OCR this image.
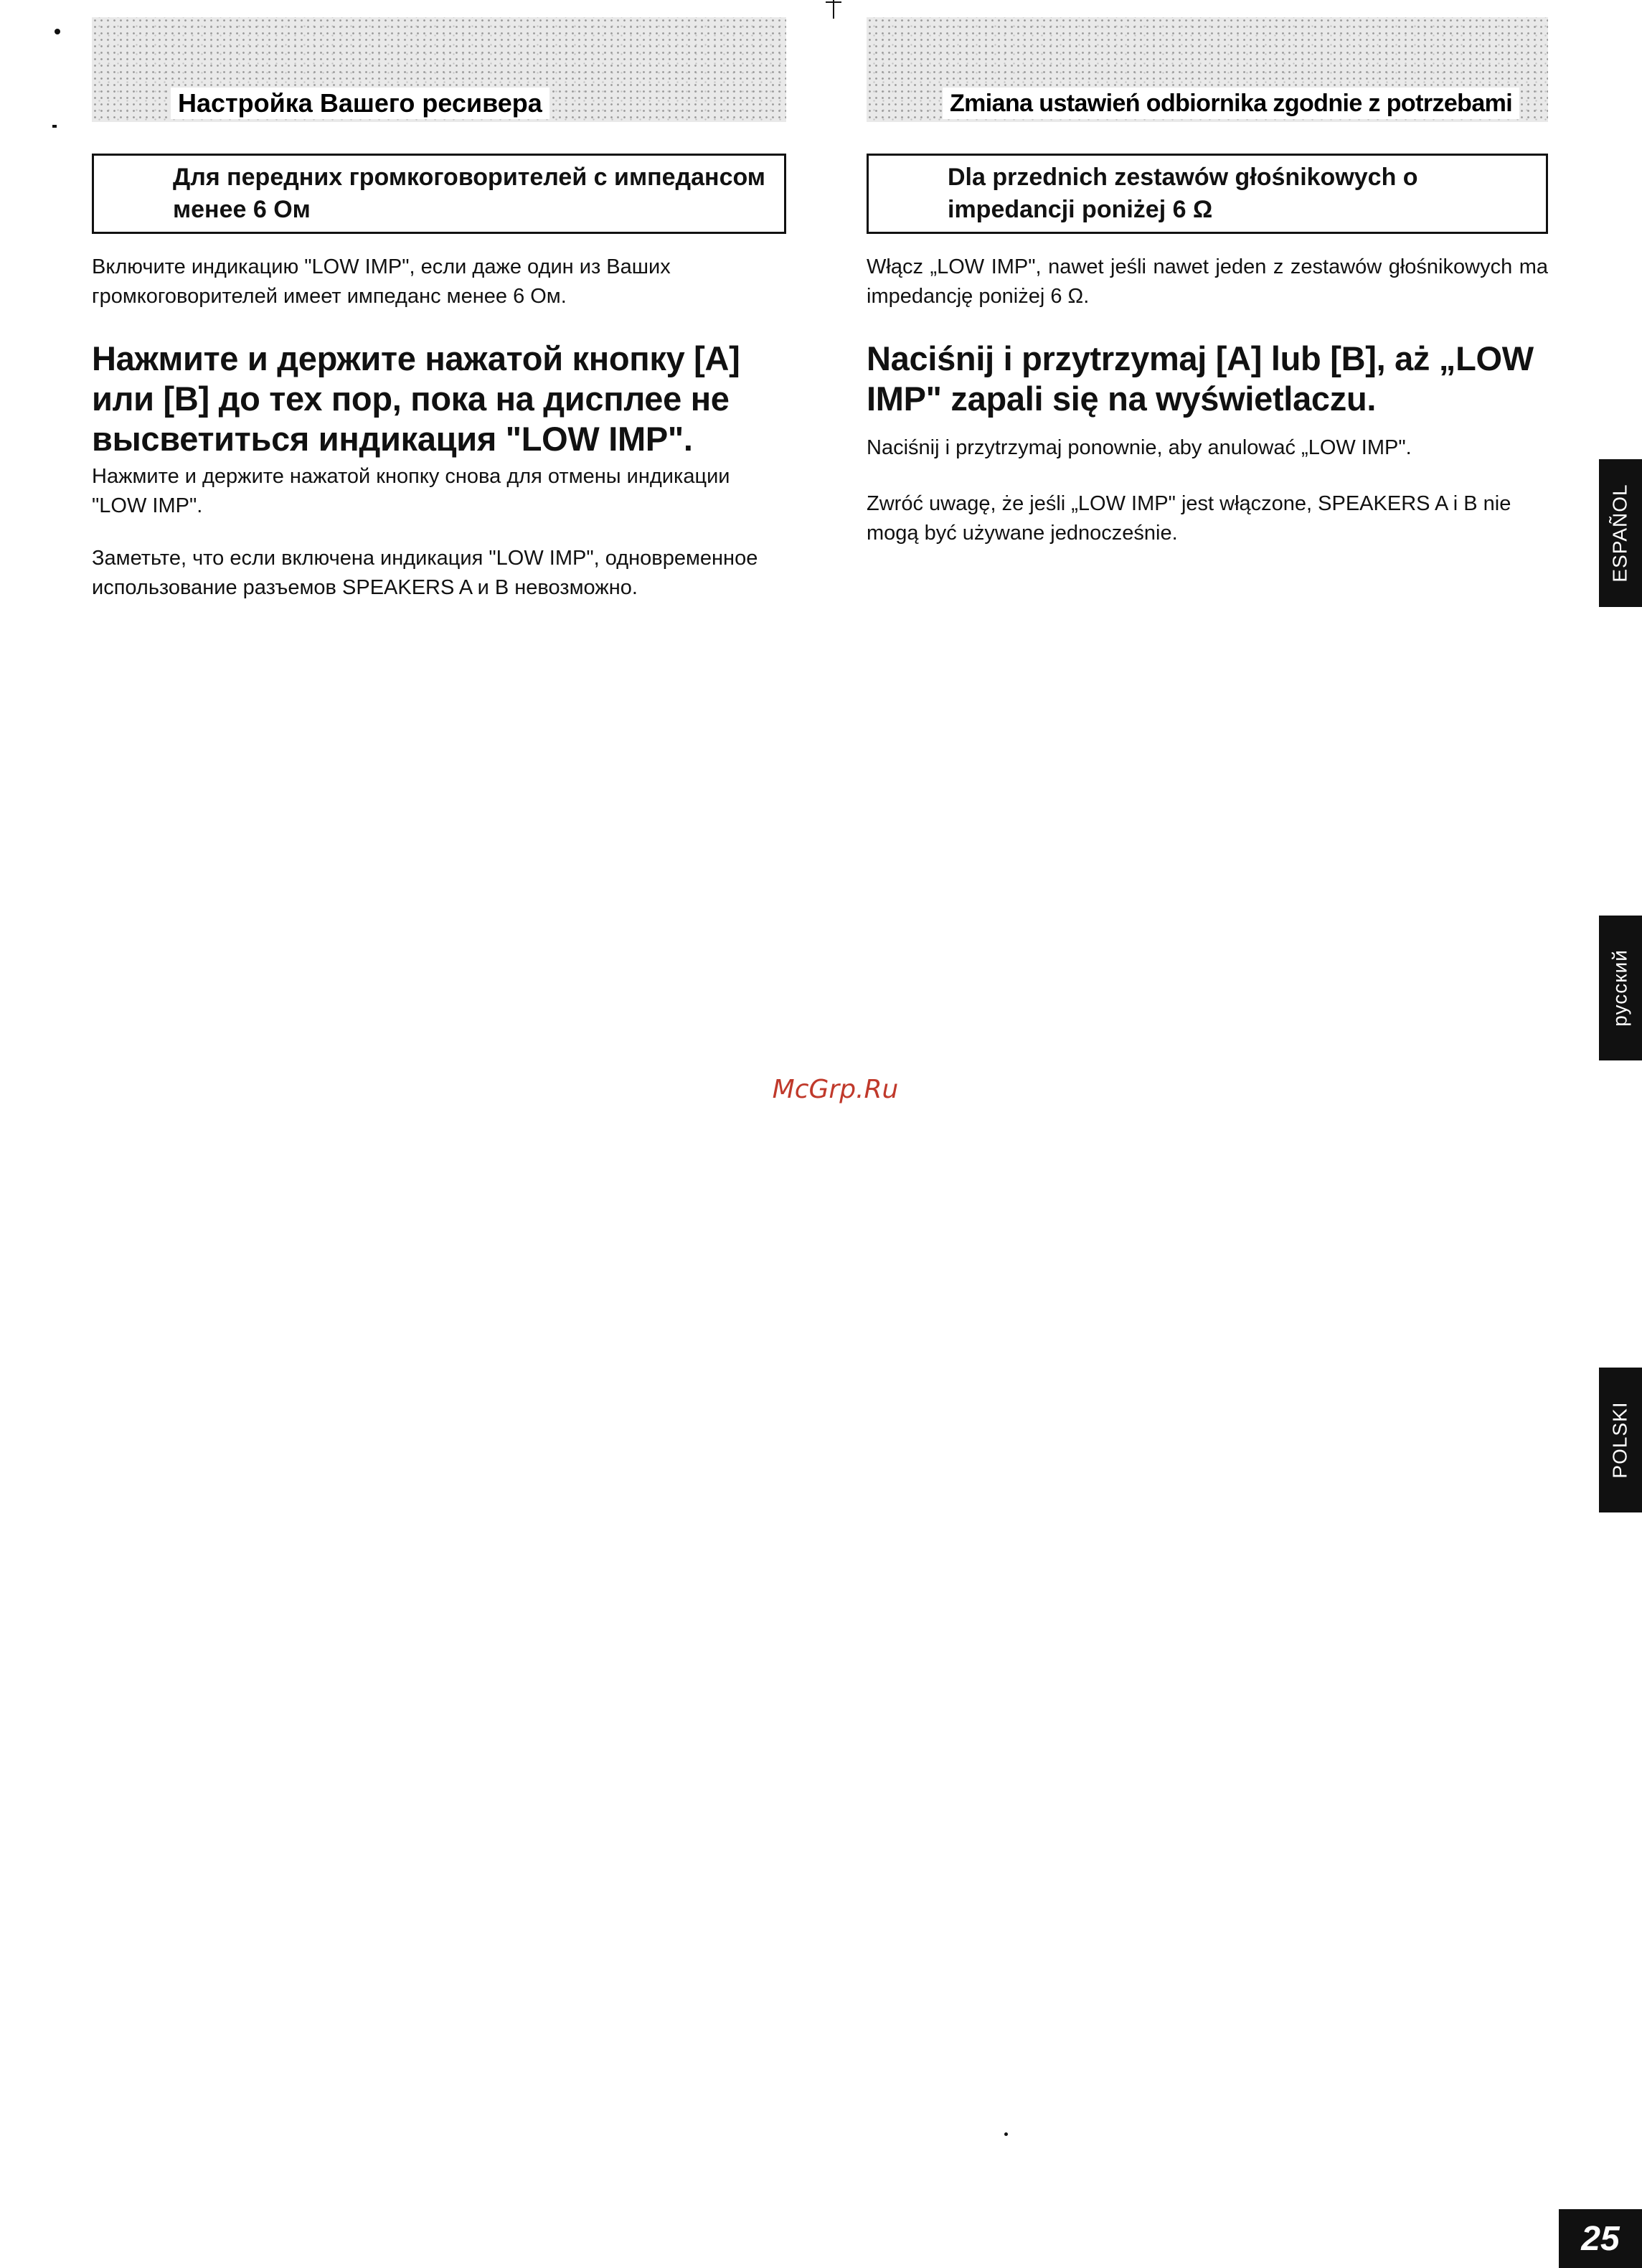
Настройка Вашего ресивера
Для передних громкоговорителей с импедансом менее 6 Ом

Включите индикацию "LOW IMP", если даже один из Ваших громкоговорителей имеет импеданс менее 6 Ом.

Нажмите и держите нажатой кнопку [A] или [B] до тех пор, пока на дисплее не высветиться индикация "LOW IMP".

Нажмите и держите нажатой кнопку снова для отмены индикации "LOW IMP".

Заметьте, что если включена индикация "LOW IMP", одновременное использование разъемов SPEAKERS A и B невозможно.

Zmiana ustawień odbiornika zgodnie z potrzebami
Dla przednich zestawów głośnikowych o impedancji poniżej 6 Ω

Włącz „LOW IMP", nawet jeśli nawet jeden z zestawów głośnikowych ma impedancję poniżej 6 Ω.

Naciśnij i przytrzymaj [A] lub [B], aż „LOW IMP" zapali się na wyświetlaczu.

Naciśnij i przytrzymaj ponownie, aby anulować „LOW IMP".

Zwróć uwagę, że jeśli „LOW IMP" jest włączone, SPEAKERS A i B nie mogą być używane jednocześnie.	ESPAÑOL
русский
POLSKI

McGrp.Ru

25
